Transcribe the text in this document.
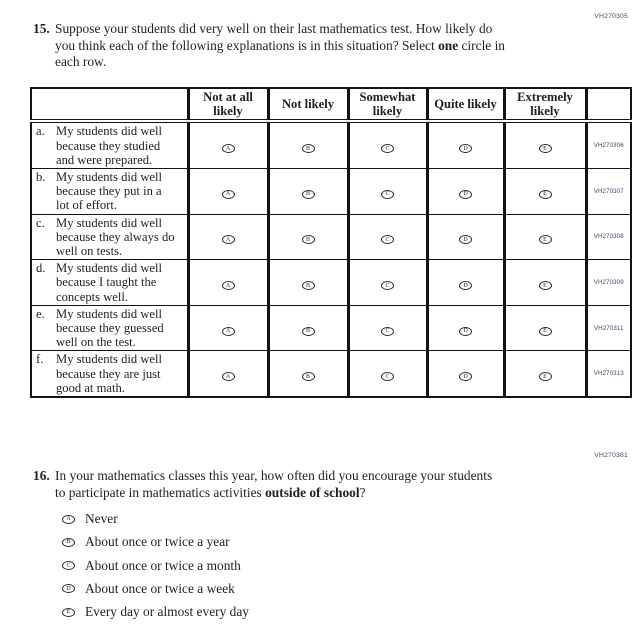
VH270305
15. Suppose your students did very well on their last mathematics test. How likely do
you think each of the following explanations is in this situation? Select one circle in
each row.
	Not at all likely	Not likely	Somewhat likely	Quite likely	Extremely likely	

a. My students did well because they studied and were prepared.	A	B	C	D	E	VH270306

b. My students did well because they put in a lot of effort.	A	B	C	D	E	VH270307

c. My students did well because they always do well on tests.	A	B	C	D	E	VH270308

d. My students did well because I taught the concepts well.	A	B	C	D	E	VH270309

e. My students did well because they guessed well on the test.	A	B	C	D	E	VH270311

f. My students did well because they are just good at math.	A	B	C	D	E	VH270313
VH270361
16. In your mathematics classes this year, how often did you encourage your students
to participate in mathematics activities outside of school?
A Never
B About once or twice a year
C About once or twice a month
D About once or twice a week
E Every day or almost every day
